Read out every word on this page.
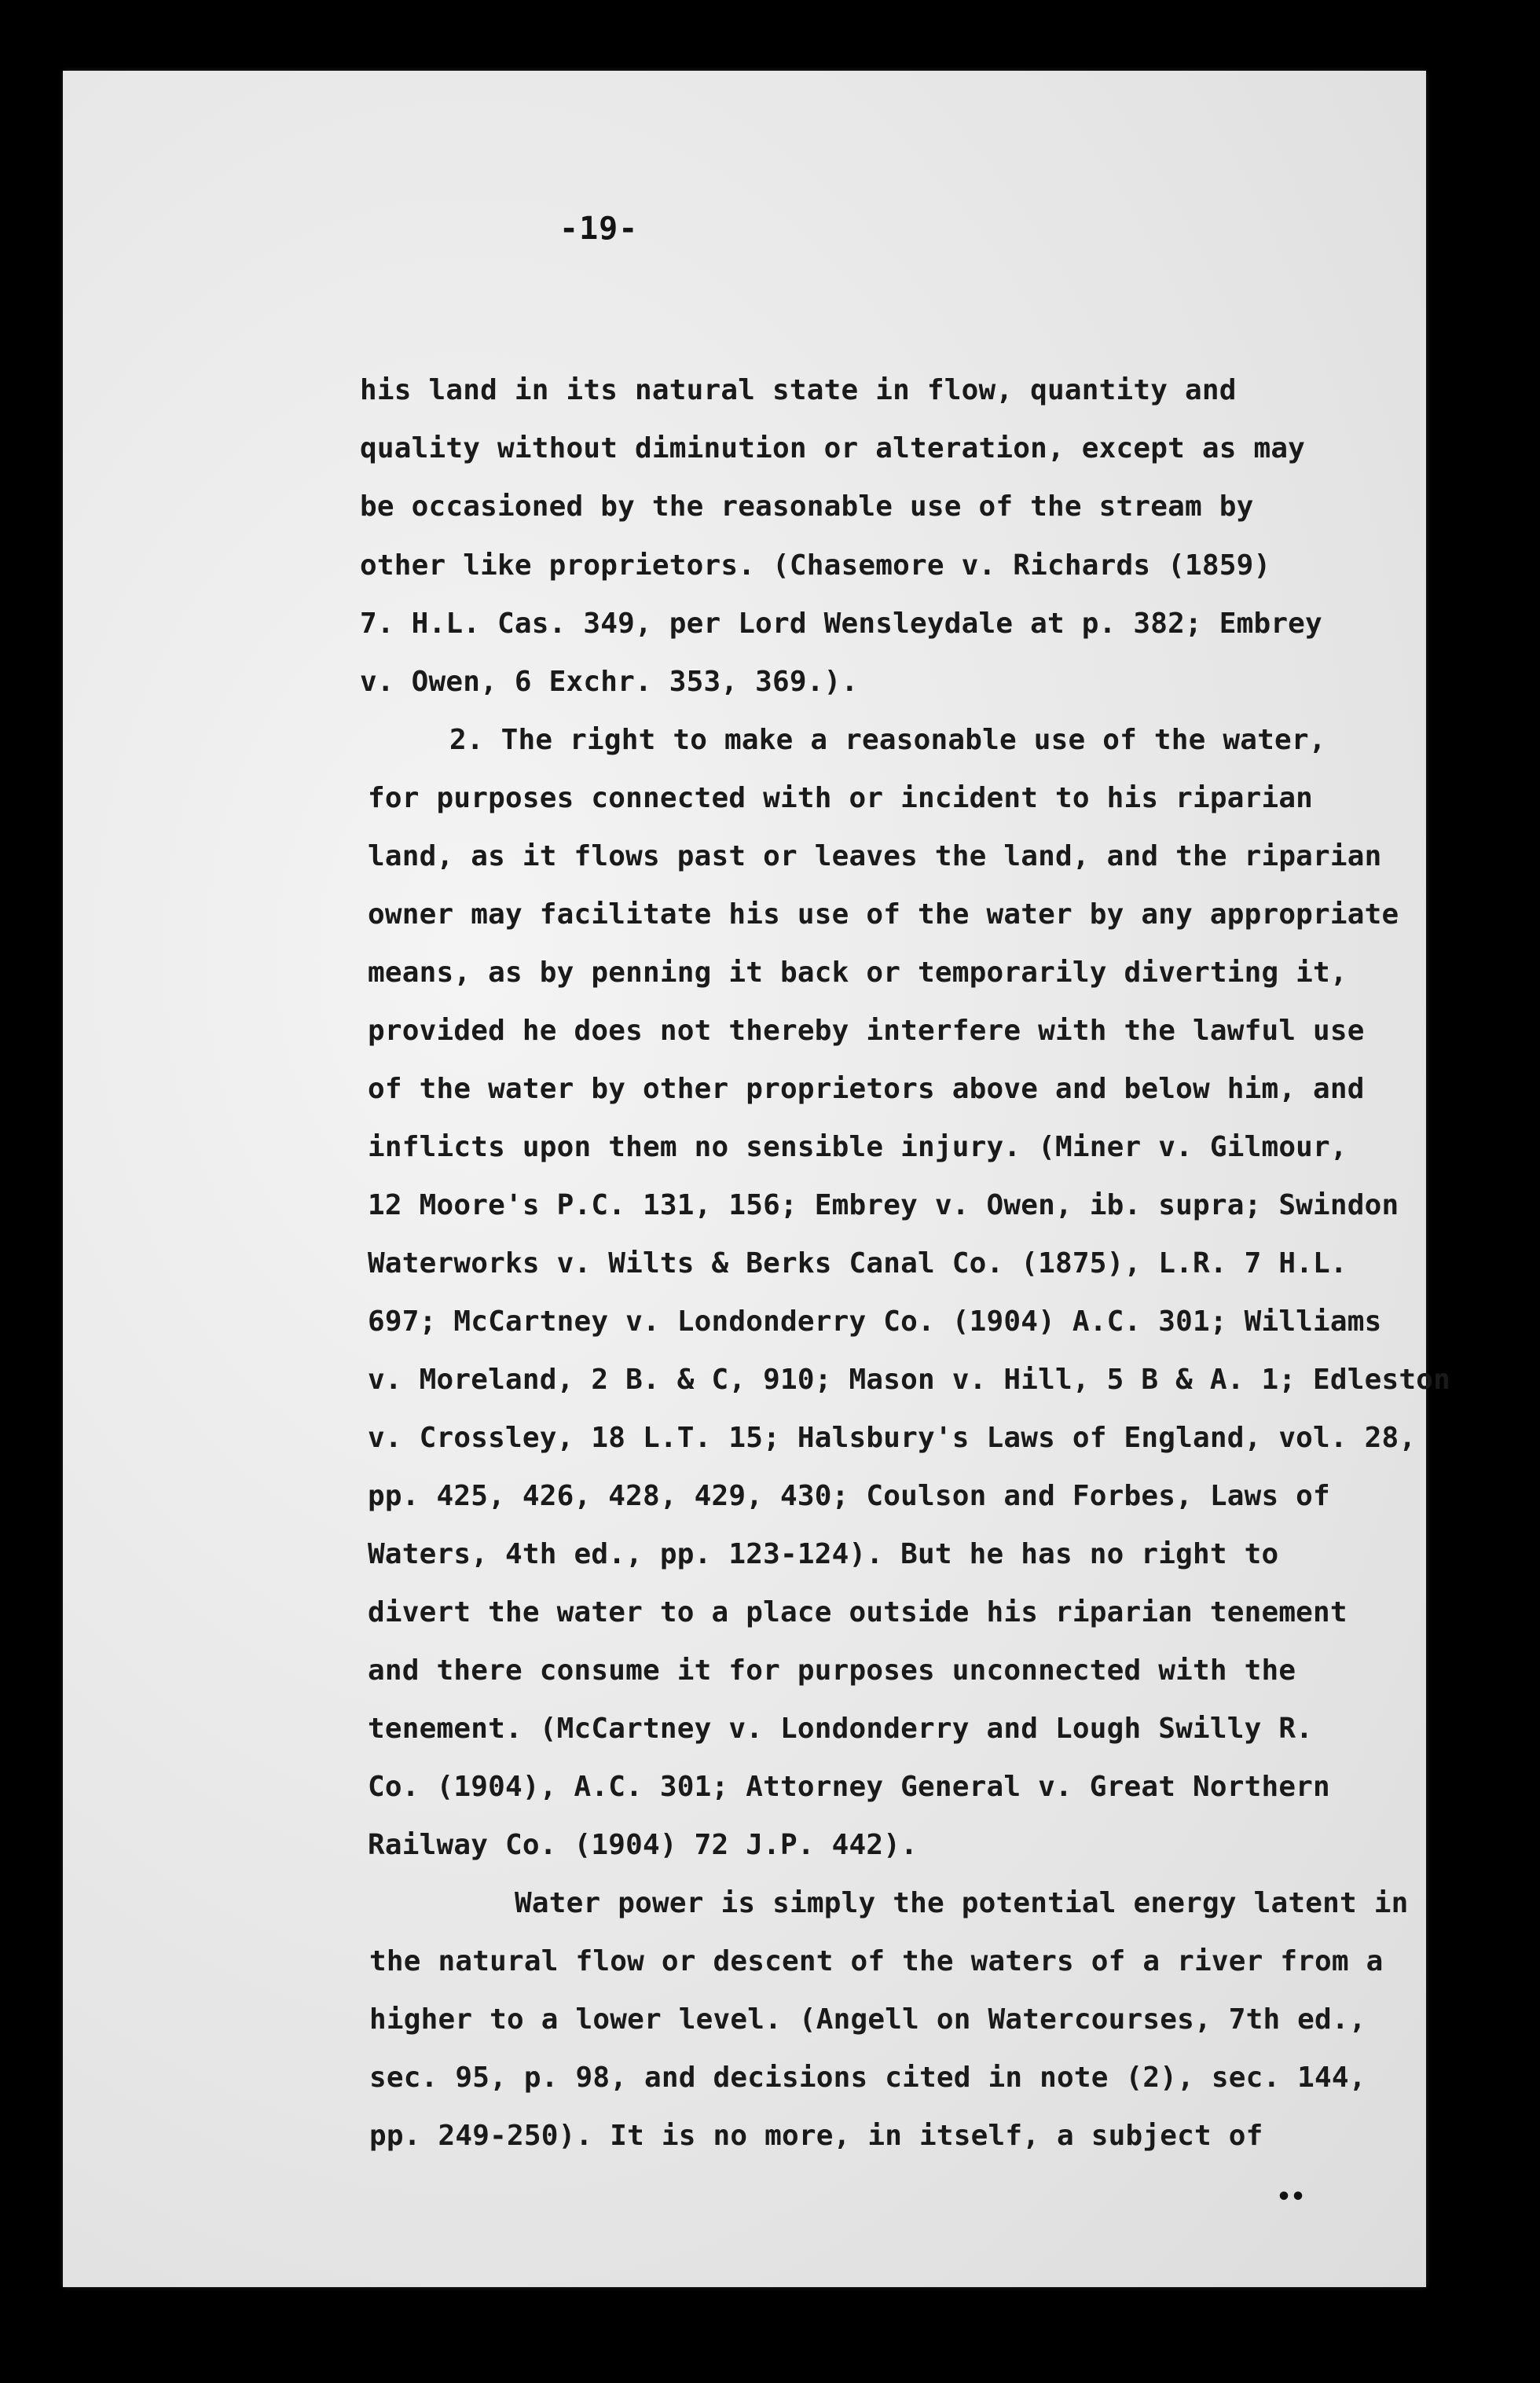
-19-
his land in its natural state in flow, quantity and
quality without diminution or alteration, except as may
be occasioned by the reasonable use of the stream by
other like proprietors. (Chasemore v. Richards (1859)
7. H.L. Cas. 349, per Lord Wensleydale at p. 382; Embrey
v. Owen, 6 Exchr. 353, 369.).
2. The right to make a reasonable use of the water,
for purposes connected with or incident to his riparian
land, as it flows past or leaves the land, and the riparian
owner may facilitate his use of the water by any appropriate
means, as by penning it back or temporarily diverting it,
provided he does not thereby interfere with the lawful use
of the water by other proprietors above and below him, and
inflicts upon them no sensible injury. (Miner v. Gilmour,
12 Moore's P.C. 131, 156; Embrey v. Owen, ib. supra; Swindon
Waterworks v. Wilts & Berks Canal Co. (1875), L.R. 7 H.L.
697; McCartney v. Londonderry Co. (1904) A.C. 301; Williams
v. Moreland, 2 B. & C, 910; Mason v. Hill, 5 B & A. 1; Edleston
v. Crossley, 18 L.T. 15; Halsbury's Laws of England, vol. 28,
pp. 425, 426, 428, 429, 430; Coulson and Forbes, Laws of
Waters, 4th ed., pp. 123-124). But he has no right to
divert the water to a place outside his riparian tenement
and there consume it for purposes unconnected with the
tenement. (McCartney v. Londonderry and Lough Swilly R.
Co. (1904), A.C. 301; Attorney General v. Great Northern
Railway Co. (1904) 72 J.P. 442).
Water power is simply the potential energy latent in
the natural flow or descent of the waters of a river from a
higher to a lower level. (Angell on Watercourses, 7th ed.,
sec. 95, p. 98, and decisions cited in note (2), sec. 144,
pp. 249-250). It is no more, in itself, a subject of
••
